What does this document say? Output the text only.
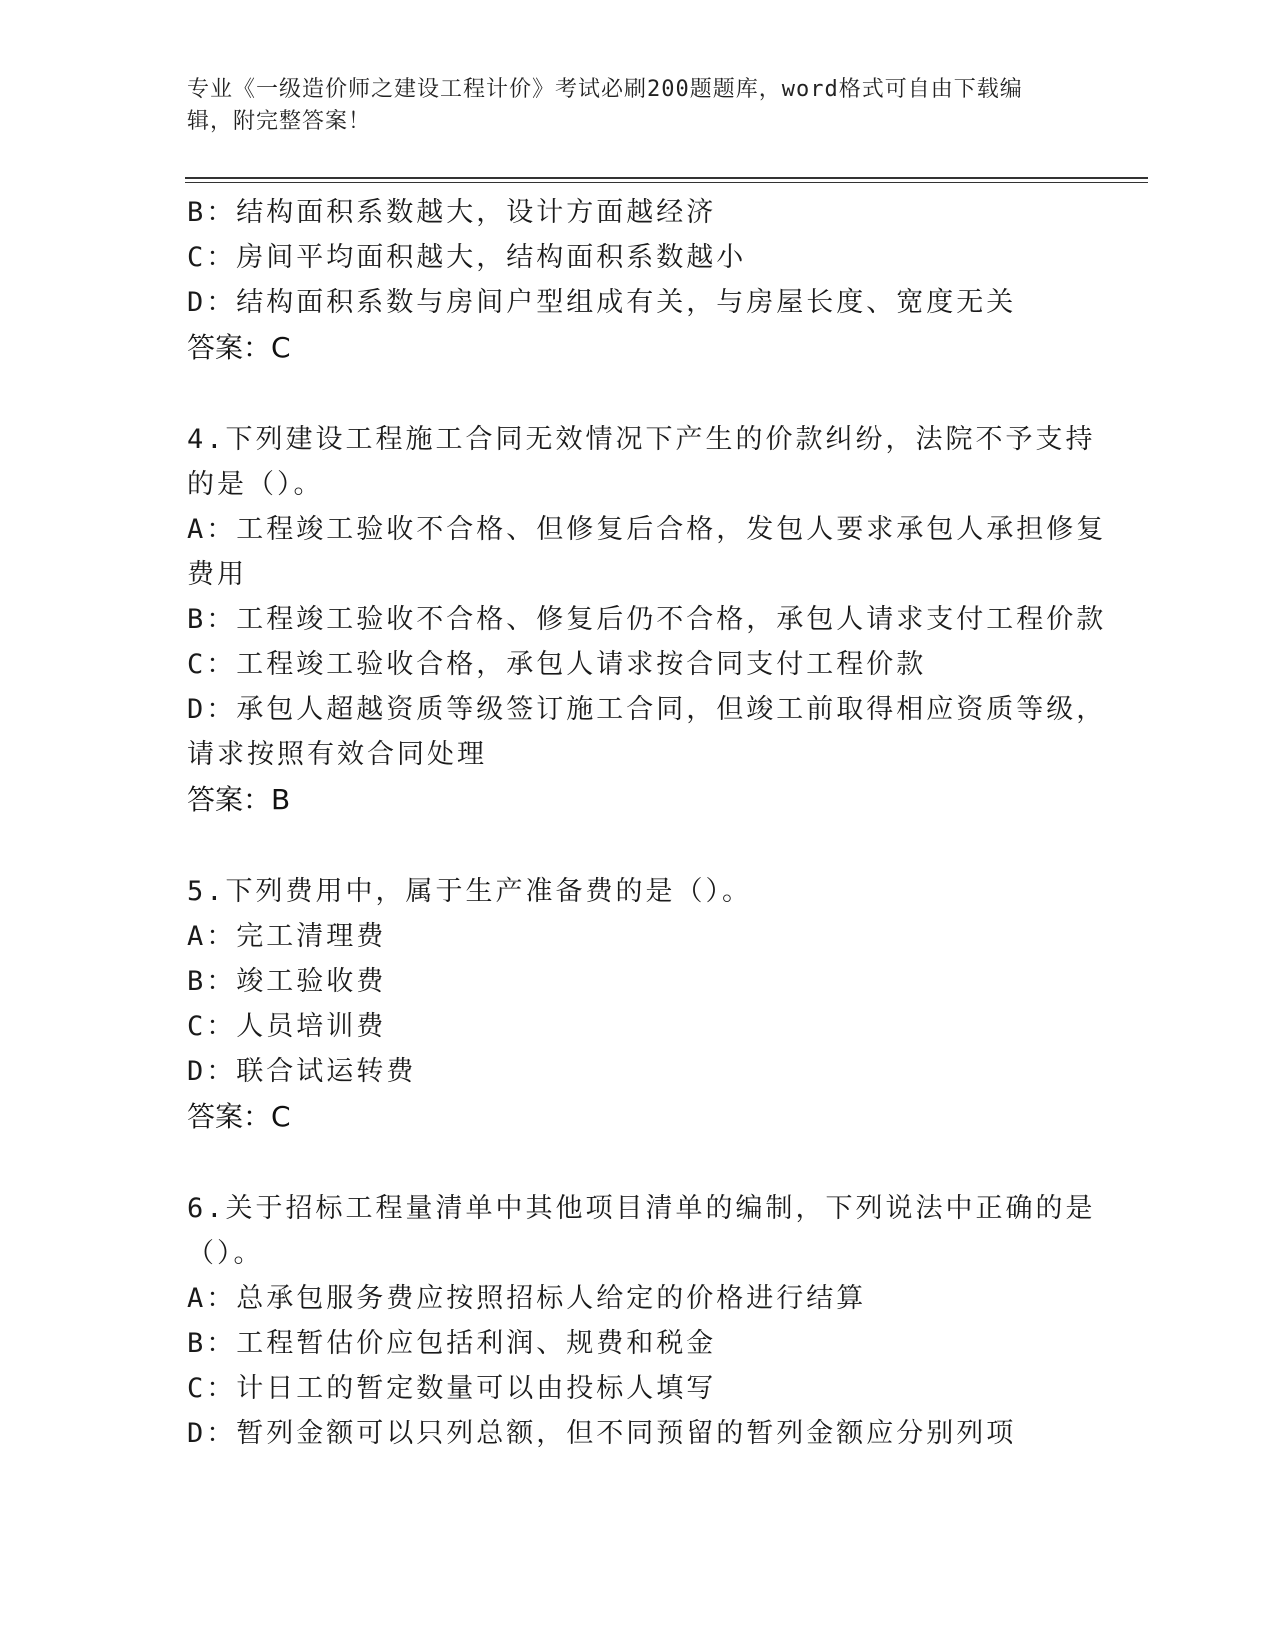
专业《一级造价师之建设工程计价》考试必刷200题题库，word格式可自由下载编辑，附完整答案！
B：结构面积系数越大，设计方面越经济
C：房间平均面积越大，结构面积系数越小
D：结构面积系数与房间户型组成有关，与房屋长度、宽度无关
答案：C
4.下列建设工程施工合同无效情况下产生的价款纠纷，法院不予支持
的是（）。
A：工程竣工验收不合格、但修复后合格，发包人要求承包人承担修复
费用
B：工程竣工验收不合格、修复后仍不合格，承包人请求支付工程价款
C：工程竣工验收合格，承包人请求按合同支付工程价款
D：承包人超越资质等级签订施工合同，但竣工前取得相应资质等级，
请求按照有效合同处理
答案：B
5.下列费用中，属于生产准备费的是（）。
A：完工清理费
B：竣工验收费
C：人员培训费
D：联合试运转费
答案：C
6.关于招标工程量清单中其他项目清单的编制，下列说法中正确的是
（）。
A：总承包服务费应按照招标人给定的价格进行结算
B：工程暂估价应包括利润、规费和税金
C：计日工的暂定数量可以由投标人填写
D：暂列金额可以只列总额，但不同预留的暂列金额应分别列项
